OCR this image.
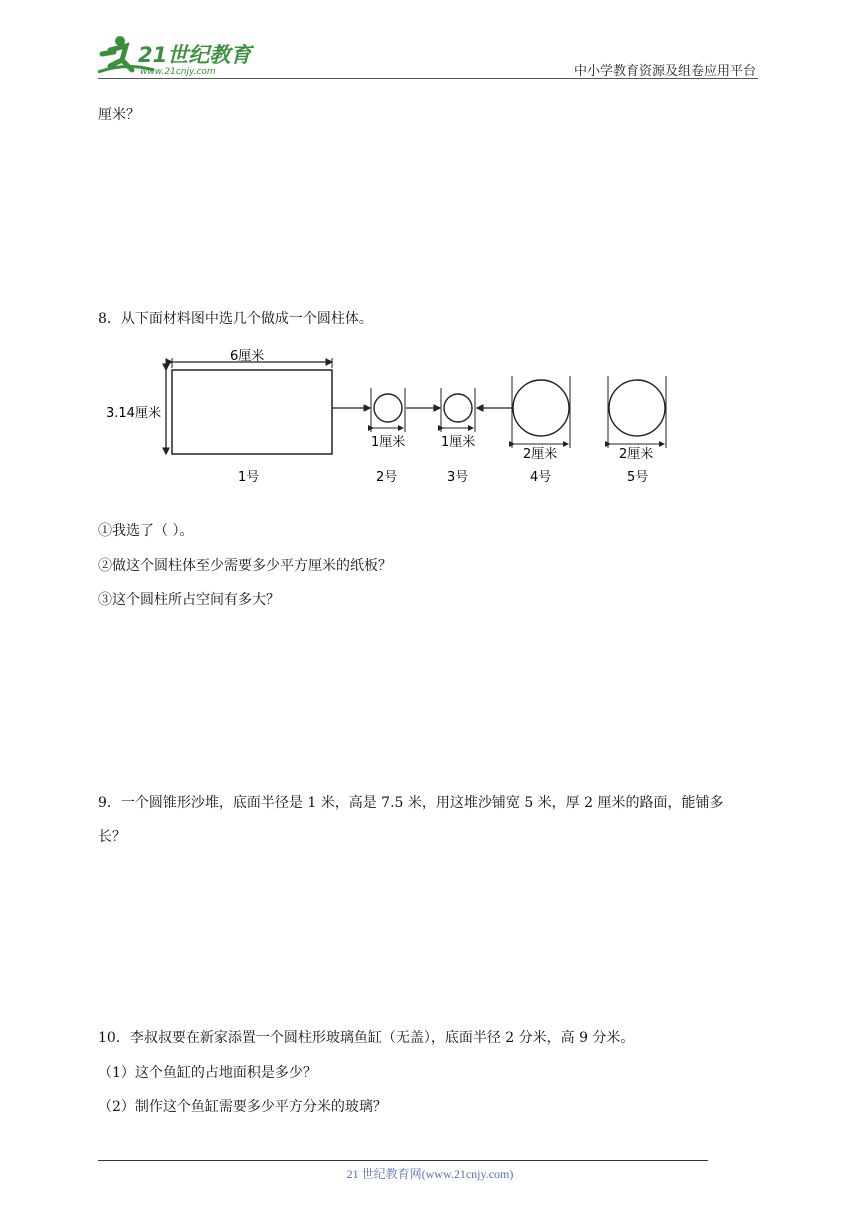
21世纪教育
www.21cnjy.com	中小学教育资源及组卷应用平台
厘米？
8．从下面材料图中选几个做成一个圆柱体。
6厘米
3.14厘米
1号
1厘米
2号
1厘米
3号
2厘米
4号
2厘米
5号
①我选了（ ）。
②做这个圆柱体至少需要多少平方厘米的纸板？
③这个圆柱所占空间有多大？
9．一个圆锥形沙堆，底面半径是 1 米，高是 7.5 米，用这堆沙铺宽 5 米，厚 2 厘米的路面，能铺多
长？
10．李叔叔要在新家添置一个圆柱形玻璃鱼缸（无盖），底面半径 2 分米，高 9 分米。
（1）这个鱼缸的占地面积是多少？
（2）制作这个鱼缸需要多少平方分米的玻璃？
21 世纪教育网(www.21cnjy.com)
